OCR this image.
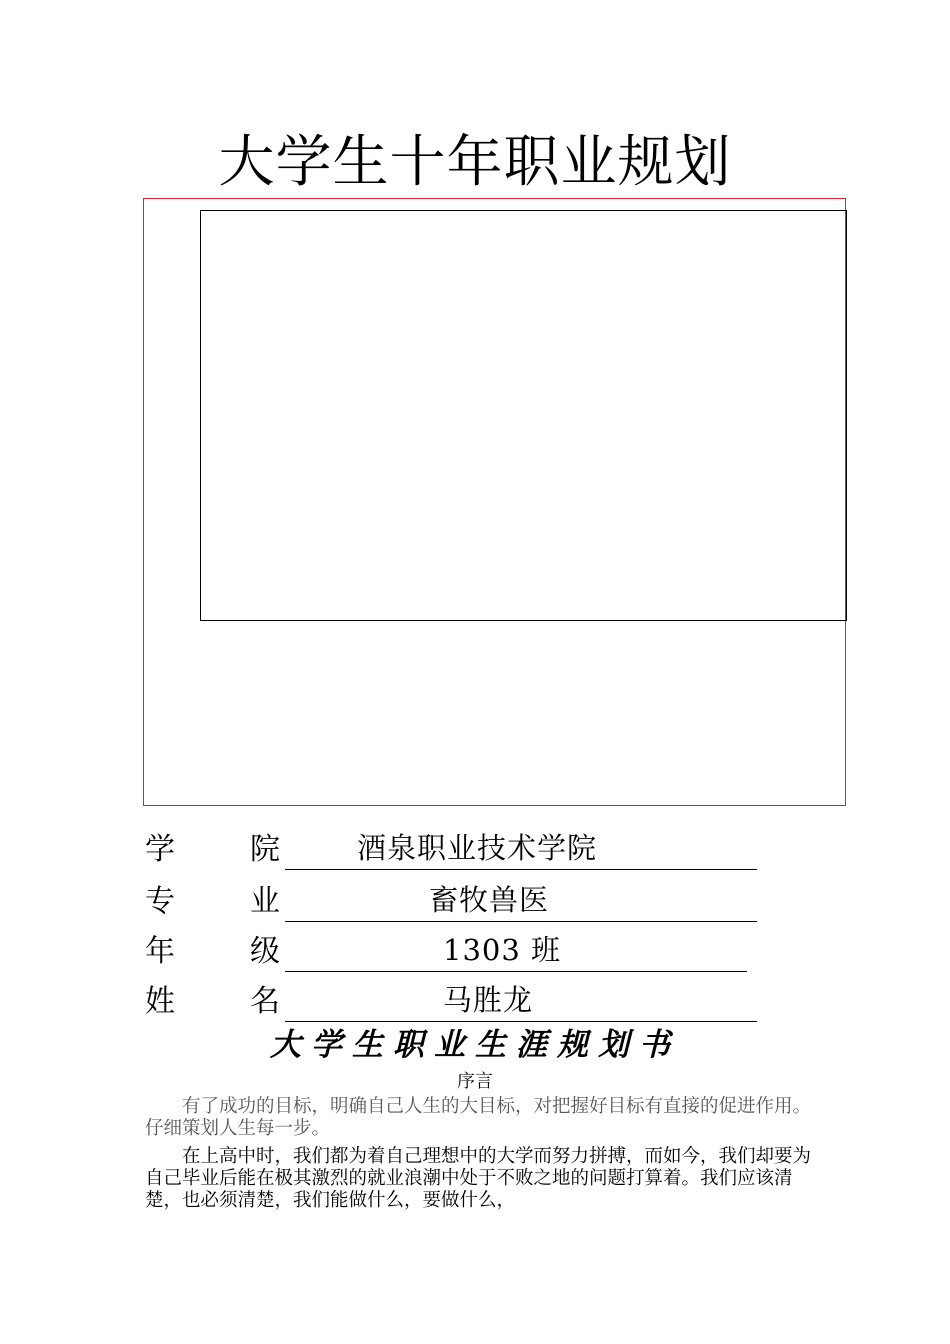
大学生十年职业规划
学	院	酒泉职业技术学院
专	业	畜牧兽医
年	级	1303 班
姓	名	马胜龙
大学生职业生涯规划书
序言

有了成功的目标，明确自己人生的大目标，对把握好目标有直接的促进作用。仔细策划人生每一步。

在上高中时，我们都为着自己理想中的大学而努力拼搏，而如今，我们却要为自己毕业后能在极其激烈的就业浪潮中处于不败之地的问题打算着。我们应该清楚，也必须清楚，我们能做什么，要做什么，
